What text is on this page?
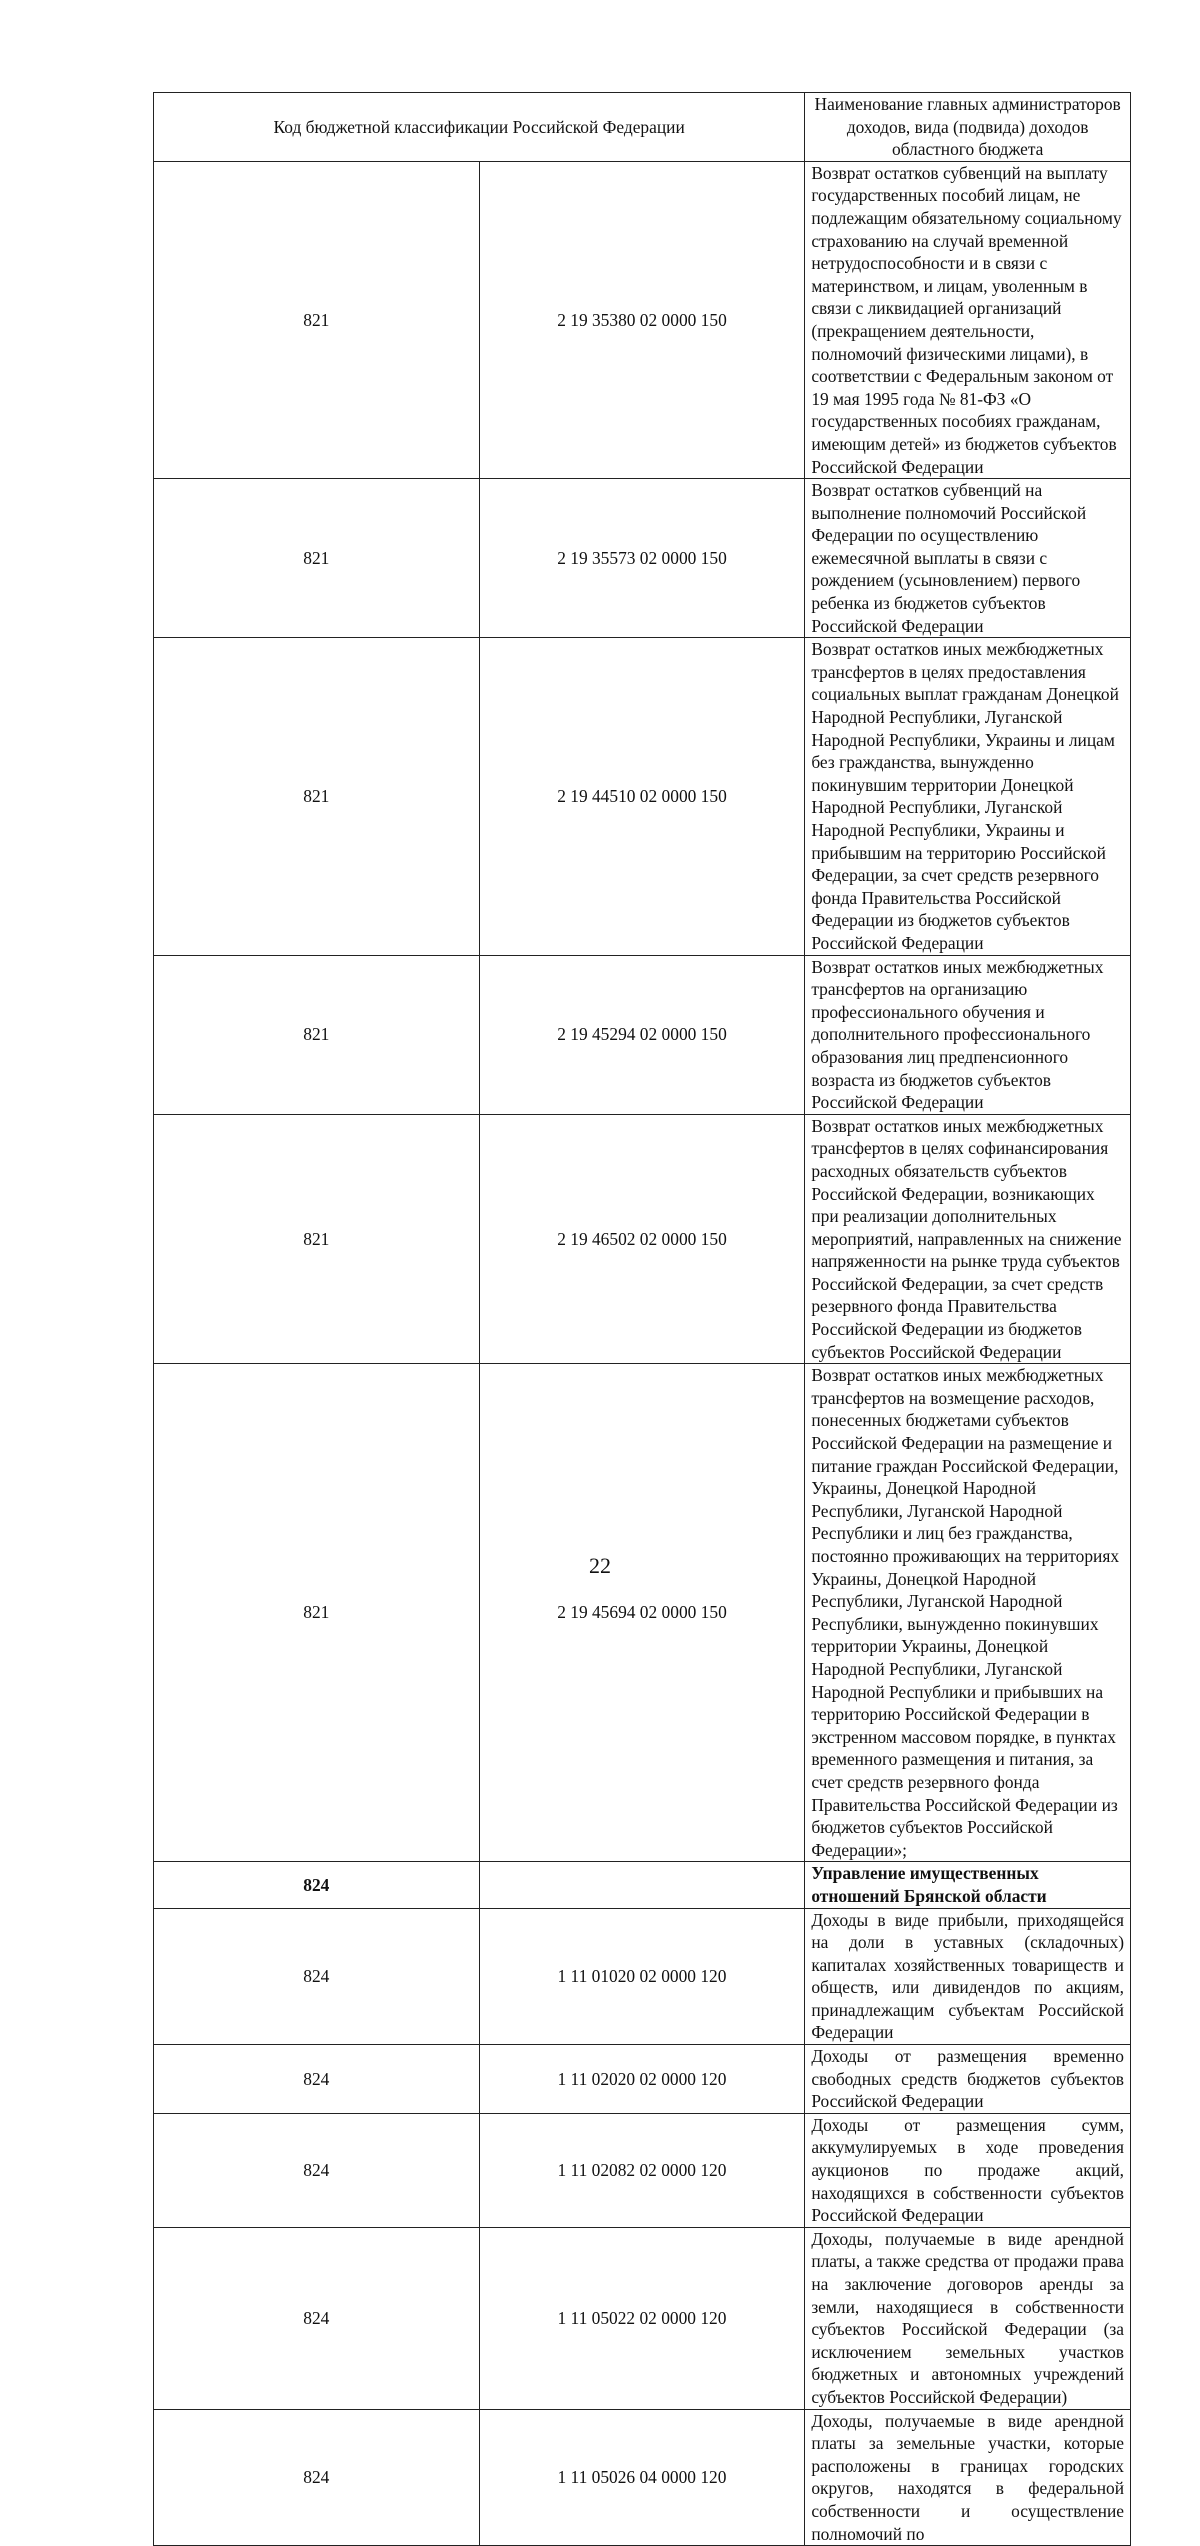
Код бюджетной классификации Российской Федерации		Наименование главных администраторов доходов, вида (подвида) доходов областного бюджета
821	2 19 35380 02 0000 150	Возврат остатков субвенций на выплату государственных пособий лицам, не подлежащим обязательному социальному страхованию на случай временной нетрудоспособности и в связи с материнством, и лицам, уволенным в связи с ликвидацией организаций (прекращением деятельности, полномочий физическими лицами), в соответствии с Федеральным законом от 19 мая 1995 года № 81-ФЗ «О государственных пособиях гражданам, имеющим детей» из бюджетов субъектов Российской Федерации
821	2 19 35573 02 0000 150	Возврат остатков субвенций на выполнение полномочий Российской Федерации по осуществлению ежемесячной выплаты в связи с рождением (усыновлением) первого ребенка из бюджетов субъектов Российской Федерации
821	2 19 44510 02 0000 150	Возврат остатков иных межбюджетных трансфертов в целях предоставления социальных выплат гражданам Донецкой Народной Республики, Луганской Народной Республики, Украины и лицам без гражданства, вынужденно покинувшим территории Донецкой Народной Республики, Луганской Народной Республики, Украины и прибывшим на территорию Российской Федерации, за счет средств резервного фонда Правительства Российской Федерации из бюджетов субъектов Российской Федерации
821	2 19 45294 02 0000 150	Возврат остатков иных межбюджетных трансфертов на организацию профессионального обучения и дополнительного профессионального образования лиц предпенсионного возраста из бюджетов субъектов Российской Федерации
821	2 19 46502 02 0000 150	Возврат остатков иных межбюджетных трансфертов в целях софинансирования расходных обязательств субъектов Российской Федерации, возникающих при реализации дополнительных мероприятий, направленных на снижение напряженности на рынке труда субъектов Российской Федерации, за счет средств резервного фонда Правительства Российской Федерации из бюджетов субъектов Российской Федерации
821	2 19 45694 02 0000 150	Возврат остатков иных межбюджетных трансфертов на возмещение расходов, понесенных бюджетами субъектов Российской Федерации на размещение и питание граждан Российской Федерации, Украины, Донецкой Народной Республики, Луганской Народной Республики и лиц без гражданства, постоянно проживающих на территориях Украины, Донецкой Народной Республики, Луганской Народной Республики, вынужденно покинувших территории Украины, Донецкой Народной Республики, Луганской Народной Республики и прибывших на территорию Российской Федерации в экстренном массовом порядке, в пунктах временного размещения и питания, за счет средств резервного фонда Правительства Российской Федерации из бюджетов субъектов Российской Федерации»;
824		Управление имущественных отношений Брянской области
824	1 11 01020 02 0000 120	Доходы в виде прибыли, приходящейся на доли в уставных (складочных) капиталах хозяйственных товариществ и обществ, или дивидендов по акциям, принадлежащим субъектам Российской Федерации
824	1 11 02020 02 0000 120	Доходы от размещения временно свободных средств бюджетов субъектов Российской Федерации
824	1 11 02082 02 0000 120	Доходы от размещения сумм, аккумулируемых в ходе проведения аукционов по продаже акций, находящихся в собственности субъектов Российской Федерации
824	1 11 05022 02 0000 120	Доходы, получаемые в виде арендной платы, а также средства от продажи права на заключение договоров аренды за земли, находящиеся в собственности субъектов Российской Федерации (за исключением земельных участков бюджетных и автономных учреждений субъектов Российской Федерации)
824	1 11 05026 04 0000 120	Доходы, получаемые в виде арендной платы за земельные участки, которые расположены в границах городских округов, находятся в федеральной собственности и осуществление полномочий по
22
